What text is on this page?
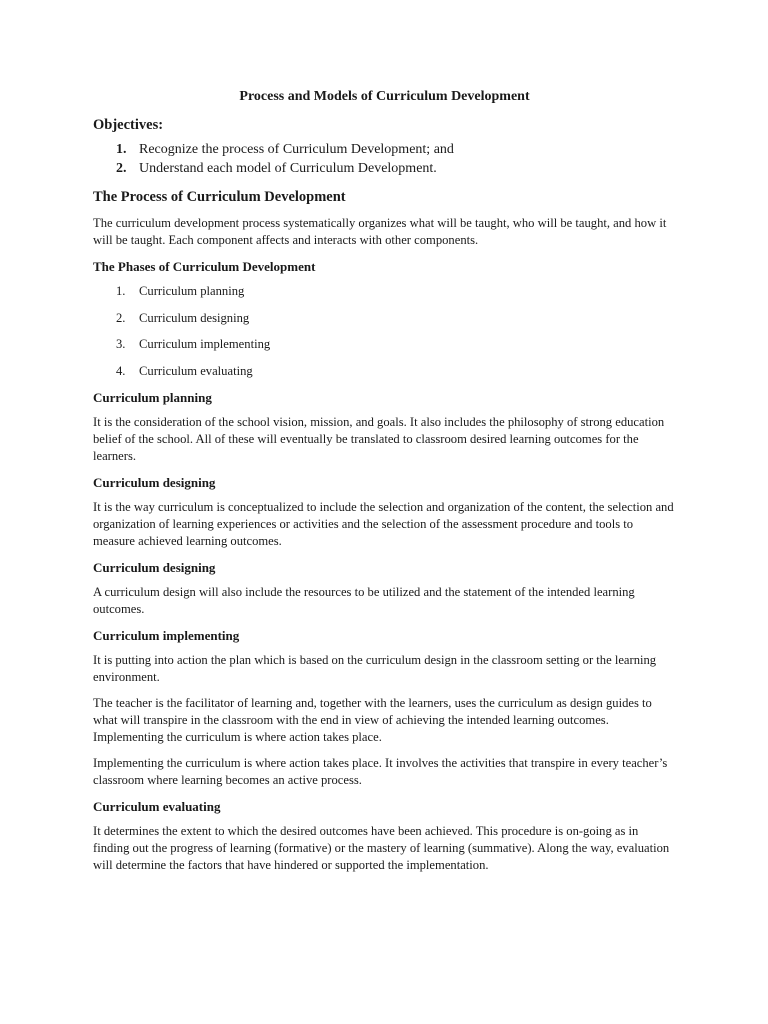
Process and Models of Curriculum Development
Objectives:
1. Recognize the process of Curriculum Development; and
2. Understand each model of Curriculum Development.
The Process of Curriculum Development

The curriculum development process systematically organizes what will be taught, who will be taught, and how it will be taught. Each component affects and interacts with other components.

The Phases of Curriculum Development
1.	Curriculum planning
2.	Curriculum designing
3.	Curriculum implementing
4.	Curriculum evaluating
Curriculum planning

It is the consideration of the school vision, mission, and goals. It also includes the philosophy of strong education belief of the school. All of these will eventually be translated to classroom desired learning outcomes for the learners.

Curriculum designing

It is the way curriculum is conceptualized to include the selection and organization of the content, the selection and organization of learning experiences or activities and the selection of the assessment procedure and tools to measure achieved learning outcomes.

Curriculum designing

A curriculum design will also include the resources to be utilized and the statement of the intended learning outcomes.

Curriculum implementing

It is putting into action the plan which is based on the curriculum design in the classroom setting or the learning environment.

The teacher is the facilitator of learning and, together with the learners, uses the curriculum as design guides to what will transpire in the classroom with the end in view of achieving the intended learning outcomes. Implementing the curriculum is where action takes place.

Implementing the curriculum is where action takes place. It involves the activities that transpire in every teacher’s classroom where learning becomes an active process.

Curriculum evaluating

It determines the extent to which the desired outcomes have been achieved. This procedure is on-going as in finding out the progress of learning (formative) or the mastery of learning (summative). Along the way, evaluation will determine the factors that have hindered or supported the implementation.
